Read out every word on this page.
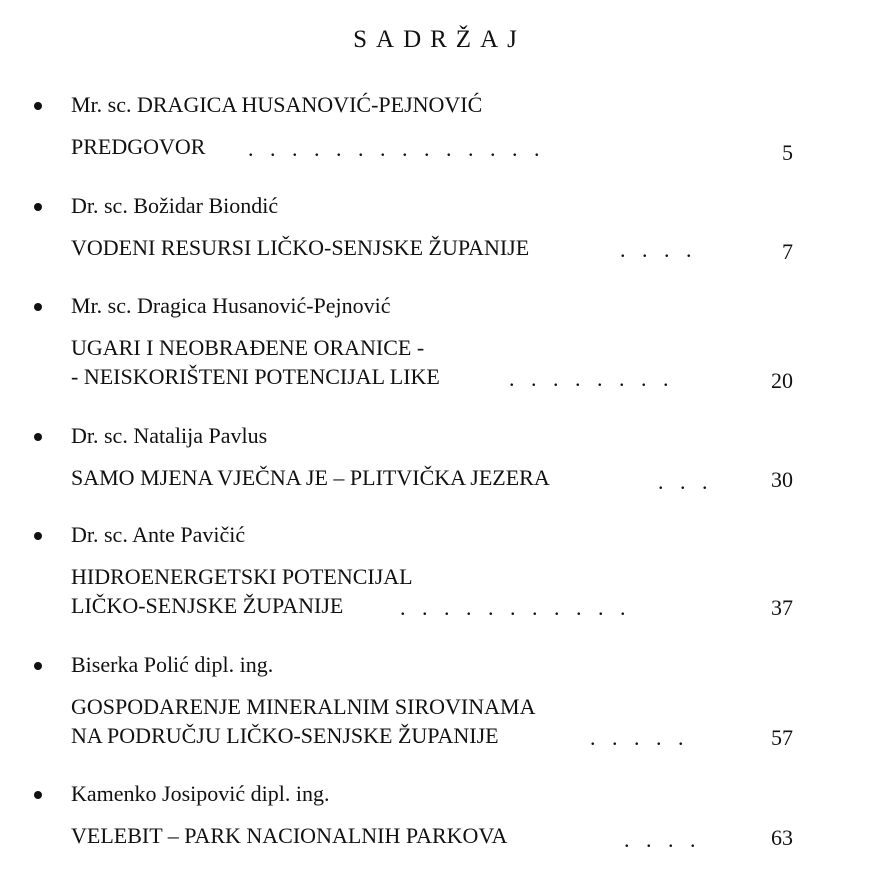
SADRŽAJ
Mr. sc. DRAGICA HUSANOVIĆ-PEJNOVIĆ
PREDGOVOR .   .   .   .   .   .   .   .   .   .   .   .   .   .	5
Dr. sc. Božidar Biondić
VODENI RESURSI LIČKO-SENJSKE ŽUPANIJE	.   .   .   .	7
Mr. sc. Dragica Husanović-Pejnović
UGARI I NEOBRAĐENE ORANICE -
- NEISKORIŠTENI POTENCIJAL LIKE	.   .   .   .   .   .   .   .	20
Dr. sc. Natalija Pavlus
SAMO MJENA VJEČNA JE – PLITVIČKA JEZERA	.   .   .	30
Dr. sc. Ante Pavičić
HIDROENERGETSKI POTENCIJAL
LIČKO-SENJSKE ŽUPANIJE	.   .   .   .   .   .   .   .   .   .   .	37
Biserka Polić dipl. ing.
GOSPODARENJE MINERALNIM SIROVINAMA
NA PODRUČJU LIČKO-SENJSKE ŽUPANIJE	.   .   .   .   .	57
Kamenko Josipović dipl. ing.
VELEBIT – PARK NACIONALNIH PARKOVA	.   .   .   .	63
